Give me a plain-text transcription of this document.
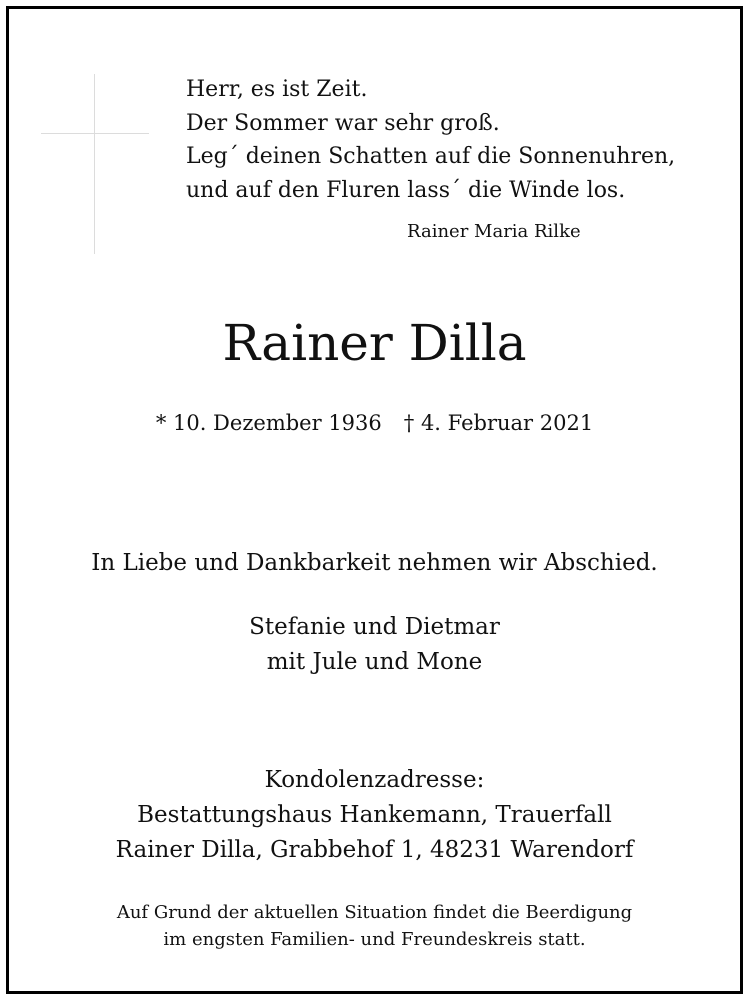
Herr, es ist Zeit.
Der Sommer war sehr groß.
Leg´ deinen Schatten auf die Sonnenuhren,
und auf den Fluren lass´ die Winde los.
Rainer Maria Rilke
Rainer Dilla
* 10. Dezember 1936 † 4. Februar 2021
In Liebe und Dankbarkeit nehmen wir Abschied.
Stefanie und Dietmar
mit Jule und Mone
Kondolenzadresse:
Bestattungshaus Hankemann, Trauerfall
Rainer Dilla, Grabbehof 1, 48231 Warendorf
Auf Grund der aktuellen Situation findet die Beerdigung
im engsten Familien- und Freundeskreis statt.
